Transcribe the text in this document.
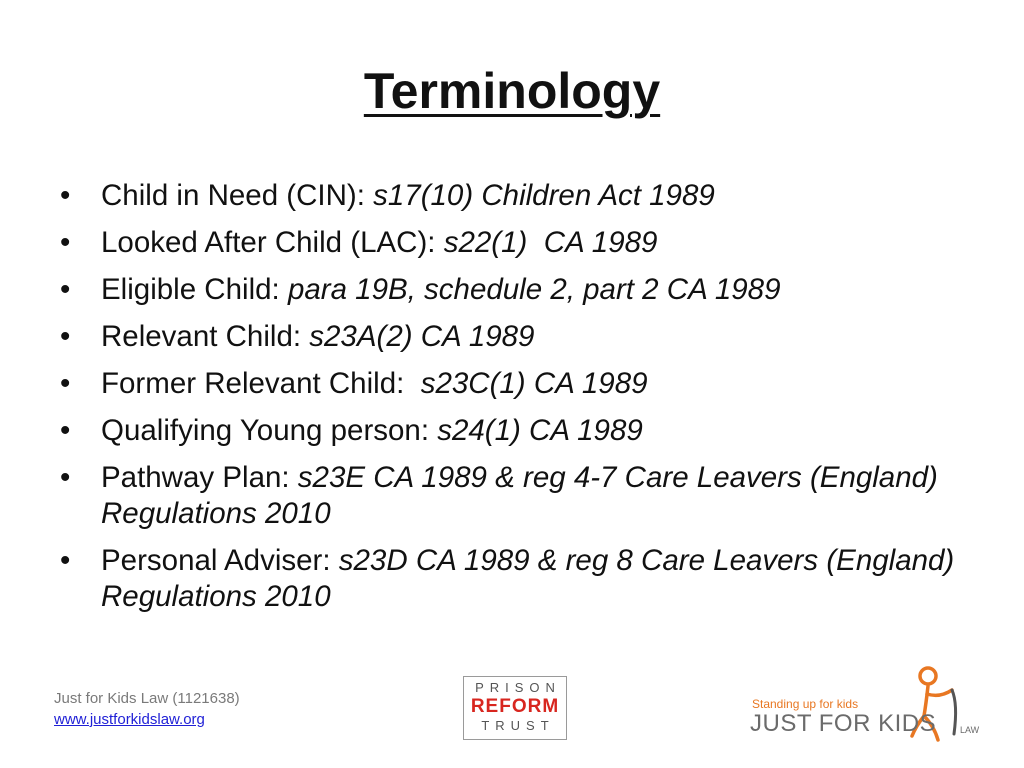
Terminology
• Child in Need (CIN): s17(10) Children Act 1989
• Looked After Child (LAC): s22(1)  CA 1989
• Eligible Child: para 19B, schedule 2, part 2 CA 1989
• Relevant Child: s23A(2) CA 1989
• Former Relevant Child:  s23C(1) CA 1989
• Qualifying Young person: s24(1) CA 1989
• Pathway Plan: s23E CA 1989 & reg 4-7 Care Leavers (England) Regulations 2010
• Personal Adviser: s23D CA 1989 & reg 8 Care Leavers (England) Regulations 2010
Just for Kids Law (1121638)
www.justforkidslaw.org
PRISON
REFORM
TRUST
Standing up for kids
JUST FOR KIDS	LAW
